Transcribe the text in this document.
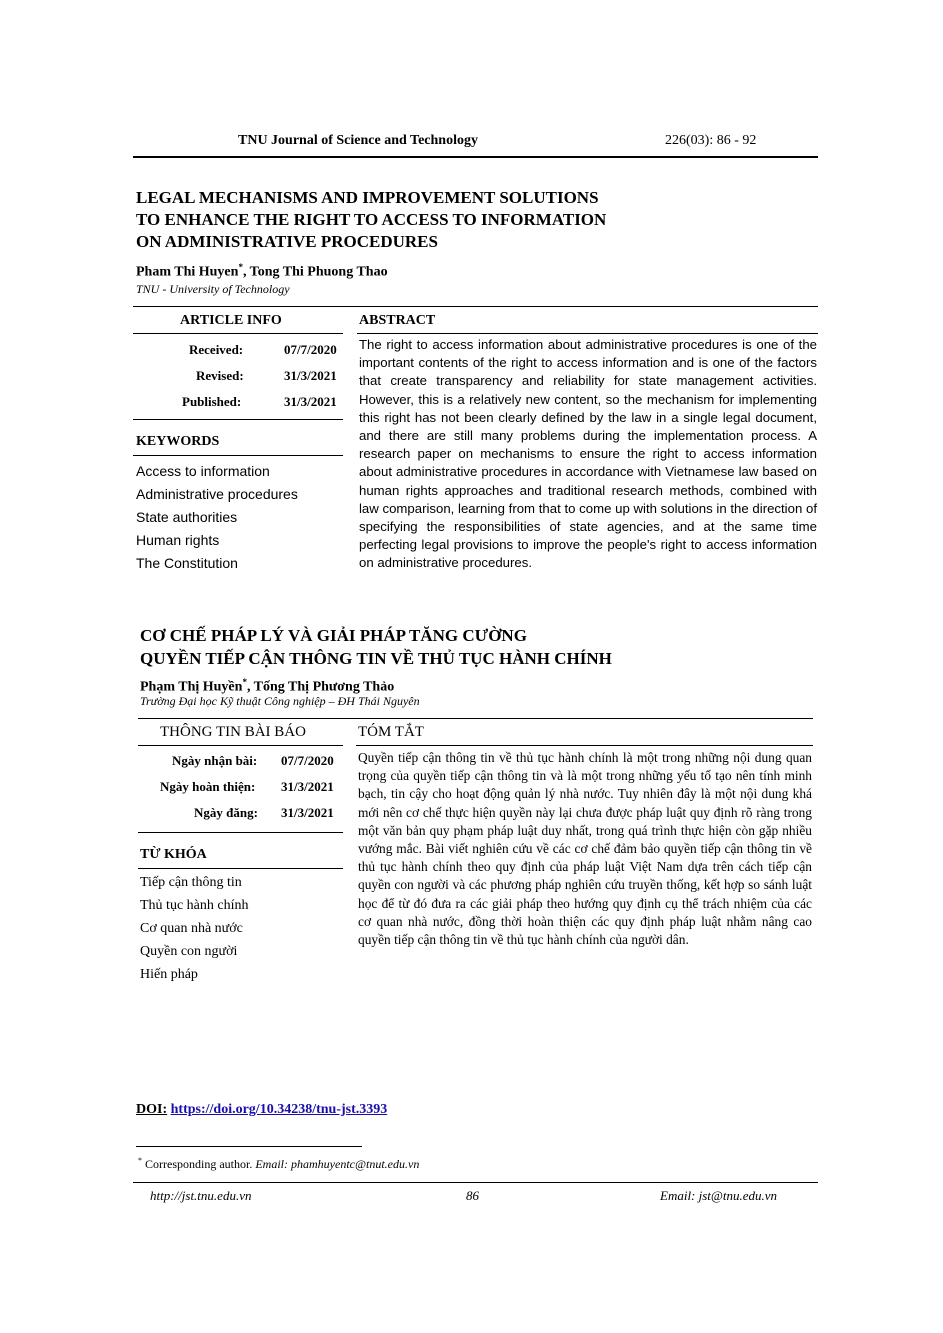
TNU Journal of Science and Technology	226(03): 86 - 92
LEGAL MECHANISMS AND IMPROVEMENT SOLUTIONS
TO ENHANCE THE RIGHT TO ACCESS TO INFORMATION
ON ADMINISTRATIVE PROCEDURES
Pham Thi Huyen*, Tong Thi Phuong Thao
TNU - University of Technology
ARTICLE INFO	ABSTRACT
Received:	07/7/2020
Revised:	31/3/2021
Published:	31/3/2021
KEYWORDS
Access to information
Administrative procedures
State authorities
Human rights
The Constitution
The right to access information about administrative procedures is one of the important contents of the right to access information and is one of the factors that create transparency and reliability for state management activities. However, this is a relatively new content, so the mechanism for implementing this right has not been clearly defined by the law in a single legal document, and there are still many problems during the implementation process. A research paper on mechanisms to ensure the right to access information about administrative procedures in accordance with Vietnamese law based on human rights approaches and traditional research methods, combined with law comparison, learning from that to come up with solutions in the direction of specifying the responsibilities of state agencies, and at the same time perfecting legal provisions to improve the people's right to access information on administrative procedures.
CƠ CHẾ PHÁP LÝ VÀ GIẢI PHÁP TĂNG CƯỜNG
QUYỀN TIẾP CẬN THÔNG TIN VỀ THỦ TỤC HÀNH CHÍNH
Phạm Thị Huyền*, Tống Thị Phương Thảo
Trường Đại học Kỹ thuật Công nghiệp – ĐH Thái Nguyên
THÔNG TIN BÀI BÁO	TÓM TẮT
Ngày nhận bài: 07/7/2020
Ngày hoàn thiện: 31/3/2021
Ngày đăng: 31/3/2021
TỪ KHÓA
Tiếp cận thông tin
Thủ tục hành chính
Cơ quan nhà nước
Quyền con người
Hiến pháp
Quyền tiếp cận thông tin về thủ tục hành chính là một trong những nội dung quan trọng của quyền tiếp cận thông tin và là một trong những yếu tố tạo nên tính minh bạch, tin cậy cho hoạt động quản lý nhà nước. Tuy nhiên đây là một nội dung khá mới nên cơ chế thực hiện quyền này lại chưa được pháp luật quy định rõ ràng trong một văn bản quy phạm pháp luật duy nhất, trong quá trình thực hiện còn gặp nhiều vướng mắc. Bài viết nghiên cứu về các cơ chế đảm bảo quyền tiếp cận thông tin về thủ tục hành chính theo quy định của pháp luật Việt Nam dựa trên cách tiếp cận quyền con người và các phương pháp nghiên cứu truyền thống, kết hợp so sánh luật học để từ đó đưa ra các giải pháp theo hướng quy định cụ thể trách nhiệm của các cơ quan nhà nước, đồng thời hoàn thiện các quy định pháp luật nhằm nâng cao quyền tiếp cận thông tin về thủ tục hành chính của người dân.
DOI: https://doi.org/10.34238/tnu-jst.3393
* Corresponding author. Email: phamhuyentc@tnut.edu.vn
http://jst.tnu.edu.vn	86	Email: jst@tnu.edu.vn
